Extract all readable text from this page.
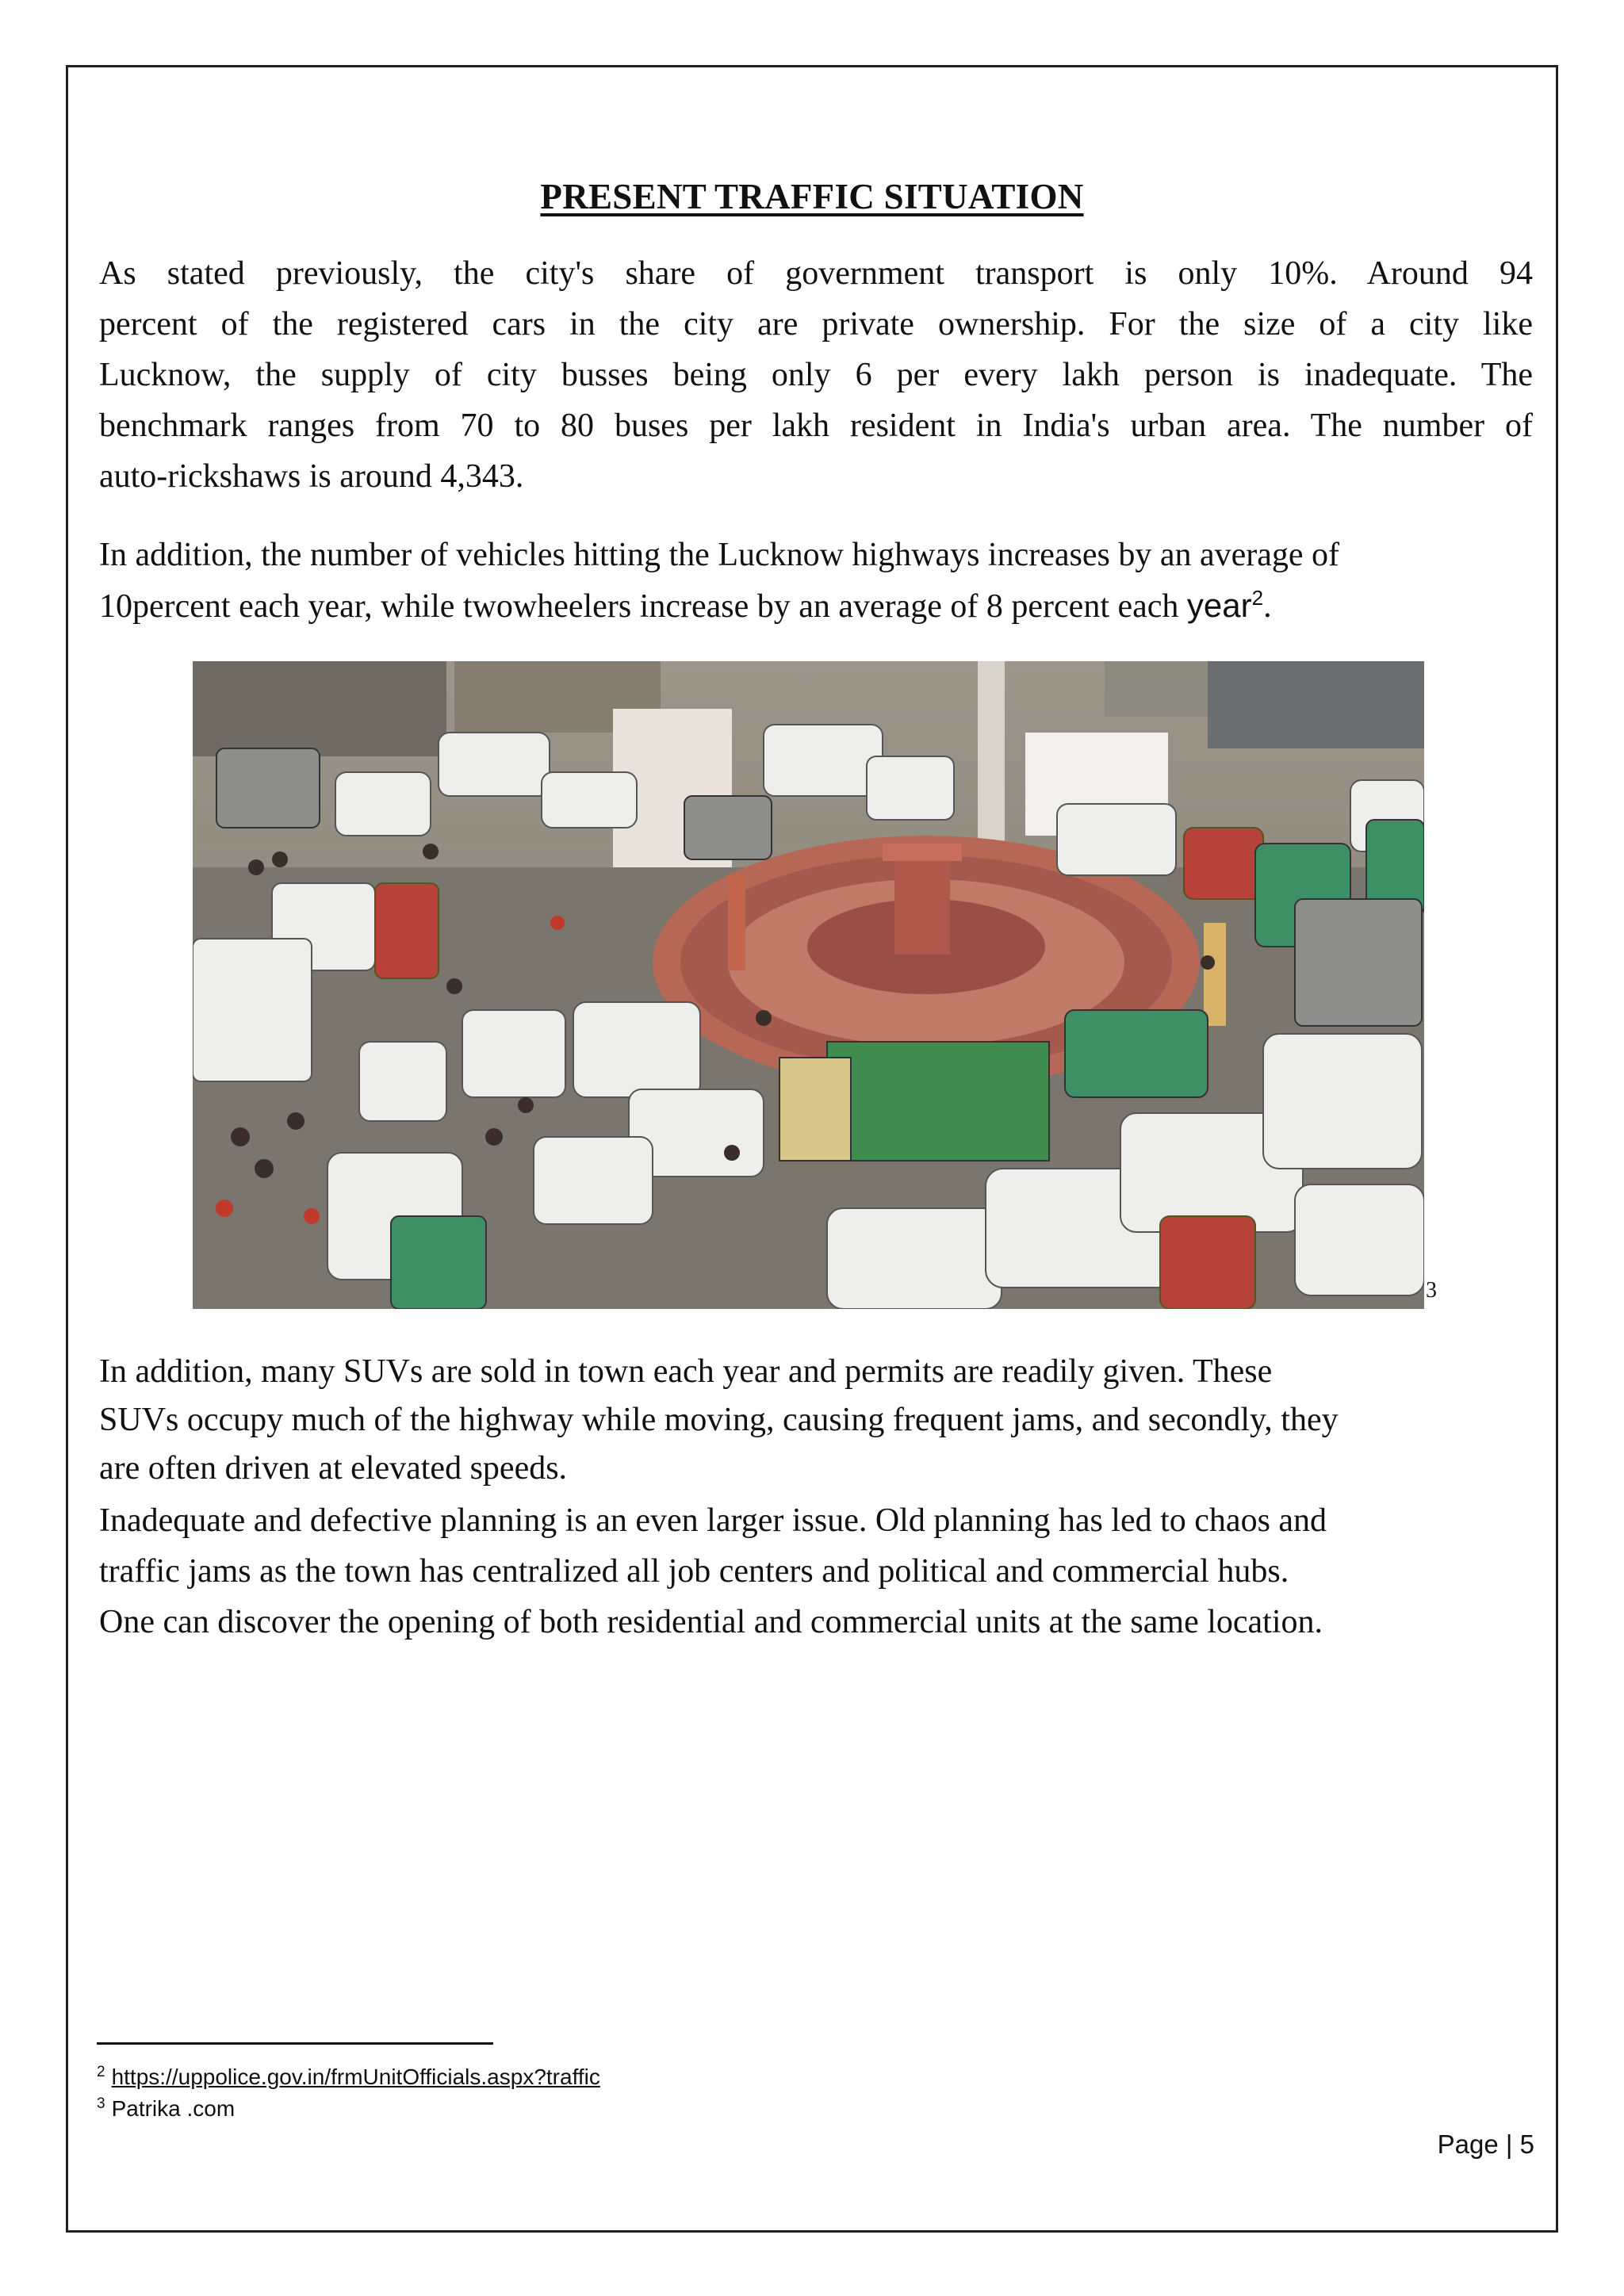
PRESENT TRAFFIC SITUATION
As stated previously, the city's share of government transport is only 10%. Around 94
percent of the registered cars in the city are private ownership. For the size of a city like
Lucknow, the supply of city busses being only 6 per every lakh person is inadequate. The
benchmark ranges from 70 to 80 buses per lakh resident in India's urban area. The number of
auto-rickshaws is around 4,343.
In addition, the number of vehicles hitting the Lucknow highways increases by an average of
10percent each year, while twowheelers increase by an average of 8 percent each year$^2$.
3
In addition, many SUVs are sold in town each year and permits are readily given. These
SUVs occupy much of the highway while moving, causing frequent jams, and secondly, they
are often driven at elevated speeds.
Inadequate and defective planning is an even larger issue. Old planning has led to chaos and
traffic jams as the town has centralized all job centers and political and commercial hubs.
One can discover the opening of both residential and commercial units at the same location.
$^2$ https://uppolice.gov.in/frmUnitOfficials.aspx?traffic
$^3$ Patrika .com
Page | 5
